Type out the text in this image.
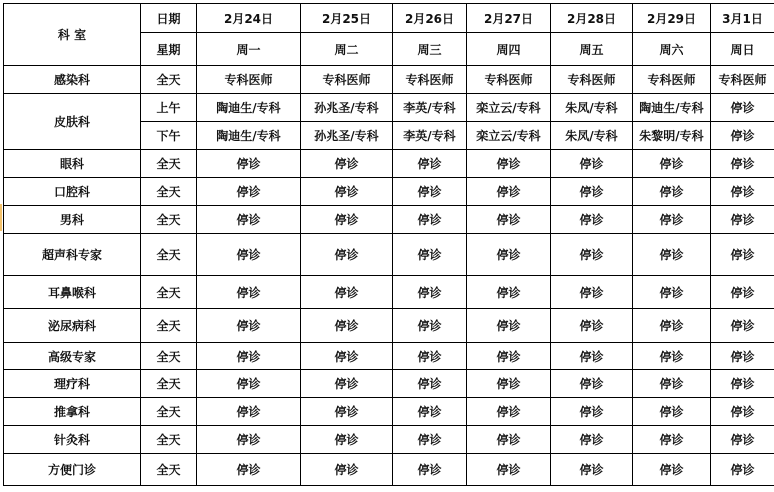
科 室	日期	2月24日	2月25日	2月26日	2月27日	2月28日	2月29日	3月1日
	星期	周一	周二	周三	周四	周五	周六	周日
感染科	全天	专科医师	专科医师	专科医师	专科医师	专科医师	专科医师	专科医师
皮肤科	上午	陶迪生/专科	孙兆圣/专科	李英/专科	栾立云/专科	朱凤/专科	陶迪生/专科	停诊
	下午	陶迪生/专科	孙兆圣/专科	李英/专科	栾立云/专科	朱凤/专科	朱黎明/专科	停诊
眼科	全天	停诊	停诊	停诊	停诊	停诊	停诊	停诊
口腔科	全天	停诊	停诊	停诊	停诊	停诊	停诊	停诊
男科	全天	停诊	停诊	停诊	停诊	停诊	停诊	停诊
超声科专家	全天	停诊	停诊	停诊	停诊	停诊	停诊	停诊
耳鼻喉科	全天	停诊	停诊	停诊	停诊	停诊	停诊	停诊
泌尿病科	全天	停诊	停诊	停诊	停诊	停诊	停诊	停诊
高级专家	全天	停诊	停诊	停诊	停诊	停诊	停诊	停诊
理疗科	全天	停诊	停诊	停诊	停诊	停诊	停诊	停诊
推拿科	全天	停诊	停诊	停诊	停诊	停诊	停诊	停诊
针灸科	全天	停诊	停诊	停诊	停诊	停诊	停诊	停诊
方便门诊	全天	停诊	停诊	停诊	停诊	停诊	停诊	停诊
